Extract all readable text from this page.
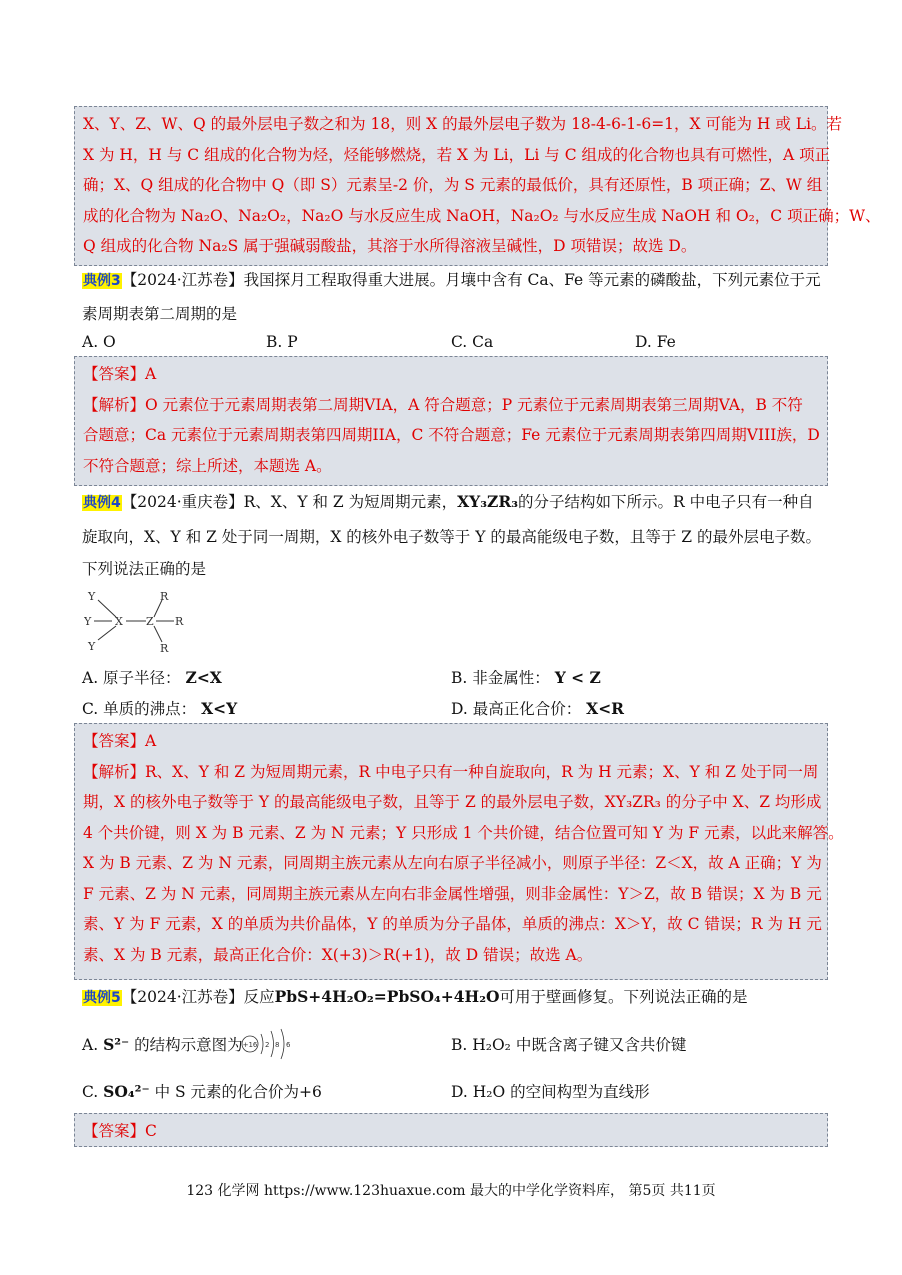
X、Y、Z、W、Q 的最外层电子数之和为 18，则 X 的最外层电子数为 18-4-6-1-6=1，X 可能为 H 或 Li。若
X 为 H，H 与 C 组成的化合物为烃，烃能够燃烧，若 X 为 Li，Li 与 C 组成的化合物也具有可燃性，A 项正
确；X、Q 组成的化合物中 Q（即 S）元素呈-2 价，为 S 元素的最低价，具有还原性，B 项正确；Z、W 组
成的化合物为 Na₂O、Na₂O₂，Na₂O 与水反应生成 NaOH，Na₂O₂ 与水反应生成 NaOH 和 O₂，C 项正确；W、
Q 组成的化合物 Na₂S 属于强碱弱酸盐，其溶于水所得溶液呈碱性，D 项错误；故选 D。
典例3【2024·江苏卷】我国探月工程取得重大进展。月壤中含有 Ca、Fe 等元素的磷酸盐，下列元素位于元
素周期表第二周期的是
A. O	B. P	C. Ca	D. Fe
【答案】A
【解析】O 元素位于元素周期表第二周期VIA，A 符合题意；P 元素位于元素周期表第三周期VA，B 不符
合题意；Ca 元素位于元素周期表第四周期IIA，C 不符合题意；Fe 元素位于元素周期表第四周期VIII族，D
不符合题意；综上所述，本题选 A。
典例4【2024·重庆卷】R、X、Y 和 Z 为短周期元素，XY₃ZR₃的分子结构如下所示。R 中电子只有一种自
旋取向，X、Y 和 Z 处于同一周期，X 的核外电子数等于 Y 的最高能级电子数，且等于 Z 的最外层电子数。
下列说法正确的是
Y
Y
Y
X Z
R
R
R
A. 原子半径： Z<X	B. 非金属性： Y < Z
C. 单质的沸点： X<Y	D. 最高正化合价： X<R
【答案】A
【解析】R、X、Y 和 Z 为短周期元素，R 中电子只有一种自旋取向，R 为 H 元素；X、Y 和 Z 处于同一周
期，X 的核外电子数等于 Y 的最高能级电子数，且等于 Z 的最外层电子数，XY₃ZR₃ 的分子中 X、Z 均形成
4 个共价键，则 X 为 B 元素、Z 为 N 元素；Y 只形成 1 个共价键，结合位置可知 Y 为 F 元素，以此来解答。
X 为 B 元素、Z 为 N 元素，同周期主族元素从左向右原子半径减小，则原子半径：Z＜X，故 A 正确；Y 为
F 元素、Z 为 N 元素，同周期主族元素从左向右非金属性增强，则非金属性：Y＞Z，故 B 错误；X 为 B 元
素、Y 为 F 元素，X 的单质为共价晶体，Y 的单质为分子晶体，单质的沸点：X＞Y，故 C 错误；R 为 H 元
素、X 为 B 元素，最高正化合价：X(+3)＞R(+1)，故 D 错误；故选 A。
典例5【2024·江苏卷】反应PbS+4H₂O₂=PbSO₄+4H₂O可用于壁画修复。下列说法正确的是
A. S²⁻ 的结构示意图为 +16 2 8 6	B. H₂O₂ 中既含离子键又含共价键
C. SO₄²⁻ 中 S 元素的化合价为+6	D. H₂O 的空间构型为直线形
【答案】C
123 化学网 https://www.123huaxue.com 最大的中学化学资料库， 第5页 共11页
